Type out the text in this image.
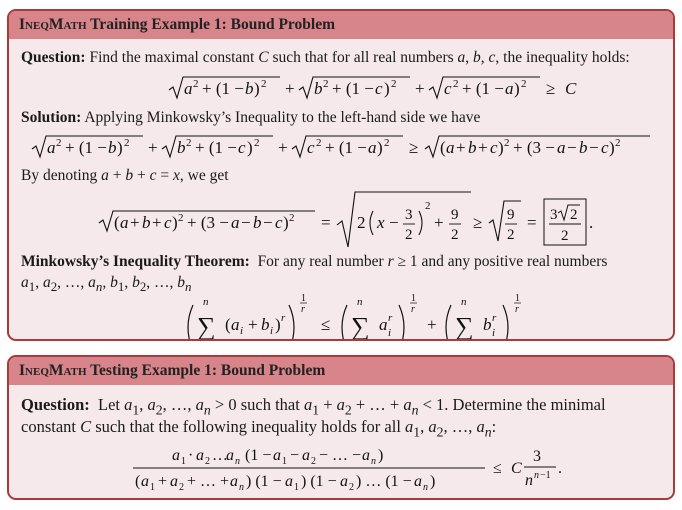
IneqMath Training Example 1: Bound Problem
Question: Find the maximal constant C such that for all real numbers a, b, c, the inequality holds:
a 2 + (1 − b ) 2 + b 2 + (1 − c ) 2 + c 2 + (1 − a ) 2 ≥ C
Solution: Applying Minkowsky’s Inequality to the left-hand side we have
a 2 + (1 − b ) 2 + b 2 + (1 − c ) 2 + c 2 + (1 − a ) 2 ≥ ( a + b + c ) 2 + (3 − a − b − c ) 2
By denoting a + b + c = x, we get
( a + b + c ) 2 + (3 − a − b − c ) 2 = 2 x − 3
2
2
+ 9
2
≥ 9
2
= 3 2
2
.
Minkowsky’s Inequality Theorem:  For any real number r ≥ 1 and any positive real numbers
$a_1$, $a_2$, …, $a_n$, $b_1$, $b_2$, …, $b_n$
n
∑
i=1
( a i + b i ) r
1
r
≤
n
∑
i=1
a r
i
1
r
+
n
∑
i=1
b r
i
1
r
IneqMath Testing Example 1: Bound Problem
Question:  Let $a_1$, $a_2$, …, $a_n > 0$ such that $a_1 + a_2$ + … + $a_n < 1$. Determine the minimal
constant C such that the following inequality holds for all $a_1$, $a_2$, …, $a_n$:
a 1 · a 2 …
a n (1 − a 1 − a 2 − … − a n )
( a 1 + a 2 + … + a n ) (1 − a 1 ) (1 − a 2 ) … (1 − a n )
≤ C
3
n n −1 .
